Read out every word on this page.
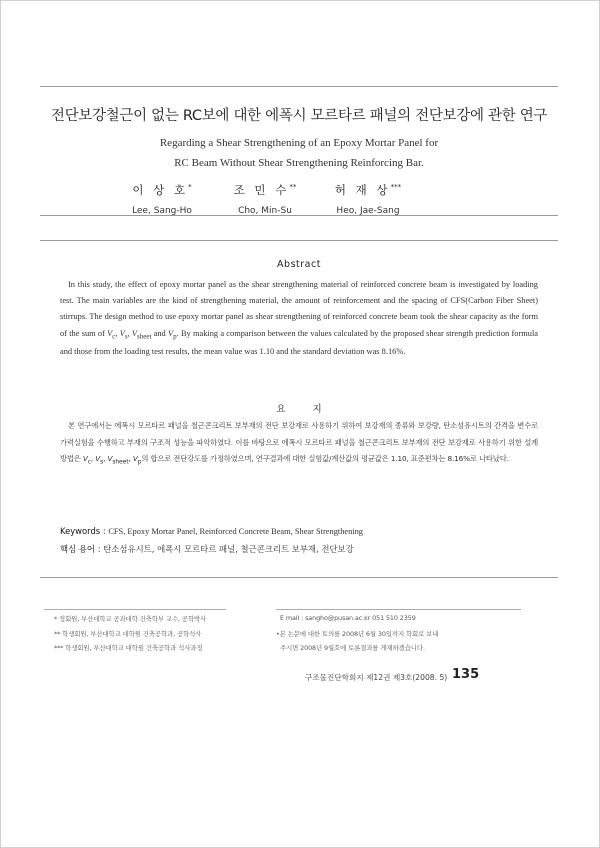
전단보강철근이 없는 RC보에 대한 에폭시 모르타르 패널의 전단보강에 관한 연구
Regarding a Shear Strengthening of an Epoxy Mortar Panel for
RC Beam Without Shear Strengthening Reinforcing Bar.
이 상 호*
Lee, Sang-Ho
조 민 수**
Cho, Min-Su
허 재 상***
Heo, Jae-Sang
Abstract

In this study, the effect of epoxy mortar panel as the shear strengthening material of reinforced concrete beam is investigated by loading test. The main variables are the kind of strengthening material, the amount of reinforcement and the spacing of CFS(Carbon Fiber Sheet) stirrups. The design method to use epoxy mortar panel as shear strengthening of reinforced concrete beam took the shear capacity as the form of the sum of $V_c$, $V_s$, $V_{sheet}$ and $V_p$. By making a comparison between the values calculated by the proposed shear strength prediction formula and those from the loading test results, the mean value was 1.10 and the standard deviation was 8.16%.

요 지

본 연구에서는 에폭시 모르타르 패널을 철근콘크리트 보부재의 전단 보강재로 사용하기 위하여 보강재의 종류와 보강량, 탄소섬유시트의 간격을 변수로 가력실험을 수행하고 부재의 구조적 성능을 파악하였다. 이를 바탕으로 에폭시 모르타르 패널을 철근콘크리트 보부재의 전단 보강재로 사용하기 위한 설계 방법은 $V_c$, $V_s$, $V_{sheet}$, $V_p$의 합으로 전단강도를 가정하였으며, 연구결과에 대한 실험값/계산값의 평균값은 1.10, 표준편차는 8.16%로 나타났다.

Keywords : CFS, Epoxy Mortar Panel, Reinforced Concrete Beam, Shear Strengthening
핵심 용어 : 탄소섬유시트, 에폭시 모르타르 패널, 철근콘크리트 보부재, 전단보강
* 정회원, 부산대학교 공과대학 건축학부 교수, 공학박사
** 학생회원, 부산대학교 대학원 건축공학과, 공학석사
*** 학생회원, 부산대학교 대학원 건축공학과 석사과정
E mail : sangho@pusan.ac.kr 051 510 2359
•본 논문에 대한 토의를 2008년 6월 30일까지 학회로 보내
주시면 2008년 9월호에 토론결과를 게재하겠습니다.
구조물진단학회지 제12권 제3호(2008. 5) 135
